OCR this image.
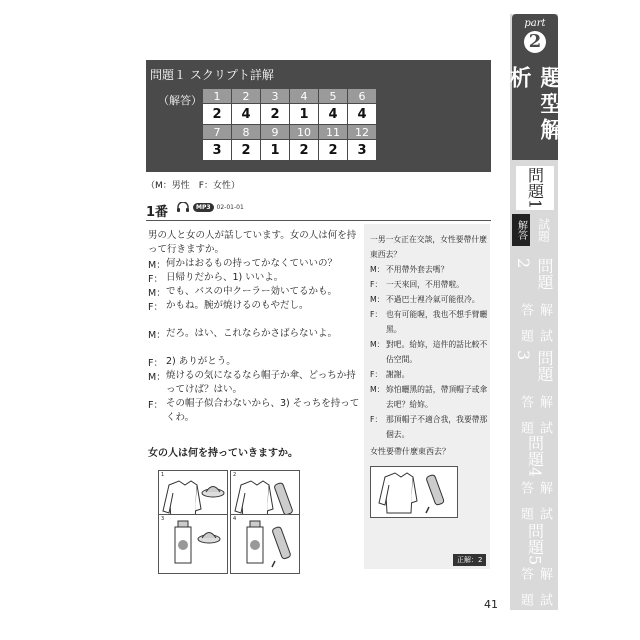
part
2
題型解析
問題1
解答 試題
問題2
解答

試題
問題3
解答

試題
問題4
解答

試題
問題5
解答

試題
問題１ スクリプト詳解
（解答） 1	2	3	4	5	6
2	4	2	1	4	4
7	8	9	10	11	12
3	2	1	2	2	3
（M：男性　F：女性）
1番	MP3	02-01-01
男の人と女の人が話しています。女の人は何を持って行きますか。
M： 何かはおるもの持ってかなくていいの？
F： 日帰りだから、1) いいよ。
M： でも、バスの中クーラー効いてるかも。
F： かもね。腕が焼けるのもやだし。
M： だろ。はい、これならかさばらないよ。
F： 2) ありがとう。
M： 焼けるの気になるなら帽子か傘、どっちか持ってけば？はい。
F： その帽子似合わないから、3) そっちを持ってくわ。
女の人は何を持っていきますか。
1	2
3	4
一男一女正在交談，女性要帶什麼東西去？
M： 不用帶外套去嗎？
F： 一天來回，不用帶啦。
M： 不過巴士裡冷氣可能很冷。
F： 也有可能喔，我也不想手臂曬黑。
M： 對吧。給妳，這件的話比較不佔空間。
F： 謝謝。
M： 妳怕曬黑的話，帶頂帽子或傘去吧？給妳。
F： 那頂帽子不適合我，我要帶那個去。
女性要帶什麼東西去？
正解：2
41
